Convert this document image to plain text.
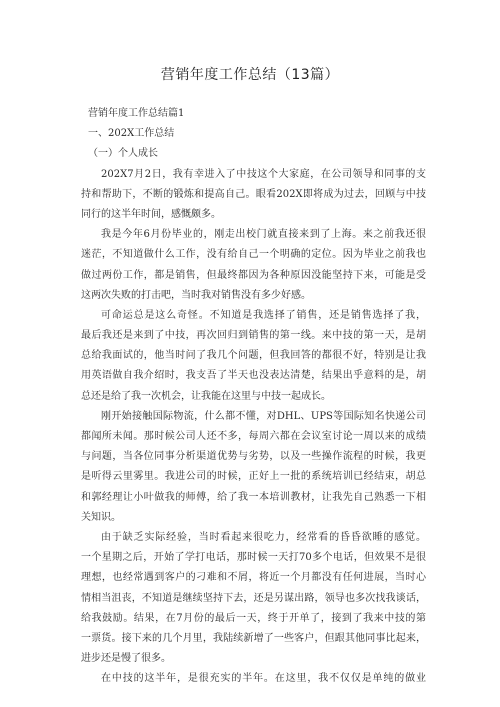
营销年度工作总结（13篇）
营销年度工作总结篇1
一、202X工作总结
（一）个人成长
202X7月2日，我有幸进入了中技这个大家庭，在公司领导和同事的支
持和帮助下，不断的锻炼和提高自己。眼看202X即将成为过去，回顾与中技
同行的这半年时间，感慨颇多。
我是今年6月份毕业的，刚走出校门就直接来到了上海。来之前我还很
迷茫，不知道做什么工作，没有给自己一个明确的定位。因为毕业之前我也
做过两份工作，都是销售，但最终都因为各种原因没能坚持下来，可能是受
这两次失败的打击吧，当时我对销售没有多少好感。
可命运总是这么奇怪。不知道是我选择了销售，还是销售选择了我，
最后我还是来到了中技，再次回归到销售的第一线。来中技的第一天，是胡
总给我面试的，他当时问了我几个问题，但我回答的都很不好，特别是让我
用英语做自我介绍时，我支吾了半天也没表达清楚，结果出乎意料的是，胡
总还是给了我一次机会，让我能在这里与中技一起成长。
刚开始接触国际物流，什么都不懂，对DHL、UPS等国际知名快递公司
都闻所未闻。那时候公司人还不多，每周六都在会议室讨论一周以来的成绩
与问题，当各位同事分析渠道优势与劣势，以及一些操作流程的时候，我更
是听得云里雾里。我进公司的时候，正好上一批的系统培训已经结束，胡总
和郭经理让小叶做我的师傅，给了我一本培训教材，让我先自己熟悉一下相
关知识。
由于缺乏实际经验，当时看起来很吃力，经常看的昏昏欲睡的感觉。
一个星期之后，开始了学打电话，那时候一天打70多个电话，但效果不是很
理想，也经常遇到客户的刁难和不屑，将近一个月都没有任何进展，当时心
情相当沮丧，不知道是继续坚持下去，还是另谋出路，领导也多次找我谈话，
给我鼓励。结果，在7月份的最后一天，终于开单了，接到了我来中技的第
一票货。接下来的几个月里，我陆续新增了一些客户，但跟其他同事比起来，
进步还是慢了很多。
在中技的这半年，是很充实的半年。在这里，我不仅仅是单纯的做业
